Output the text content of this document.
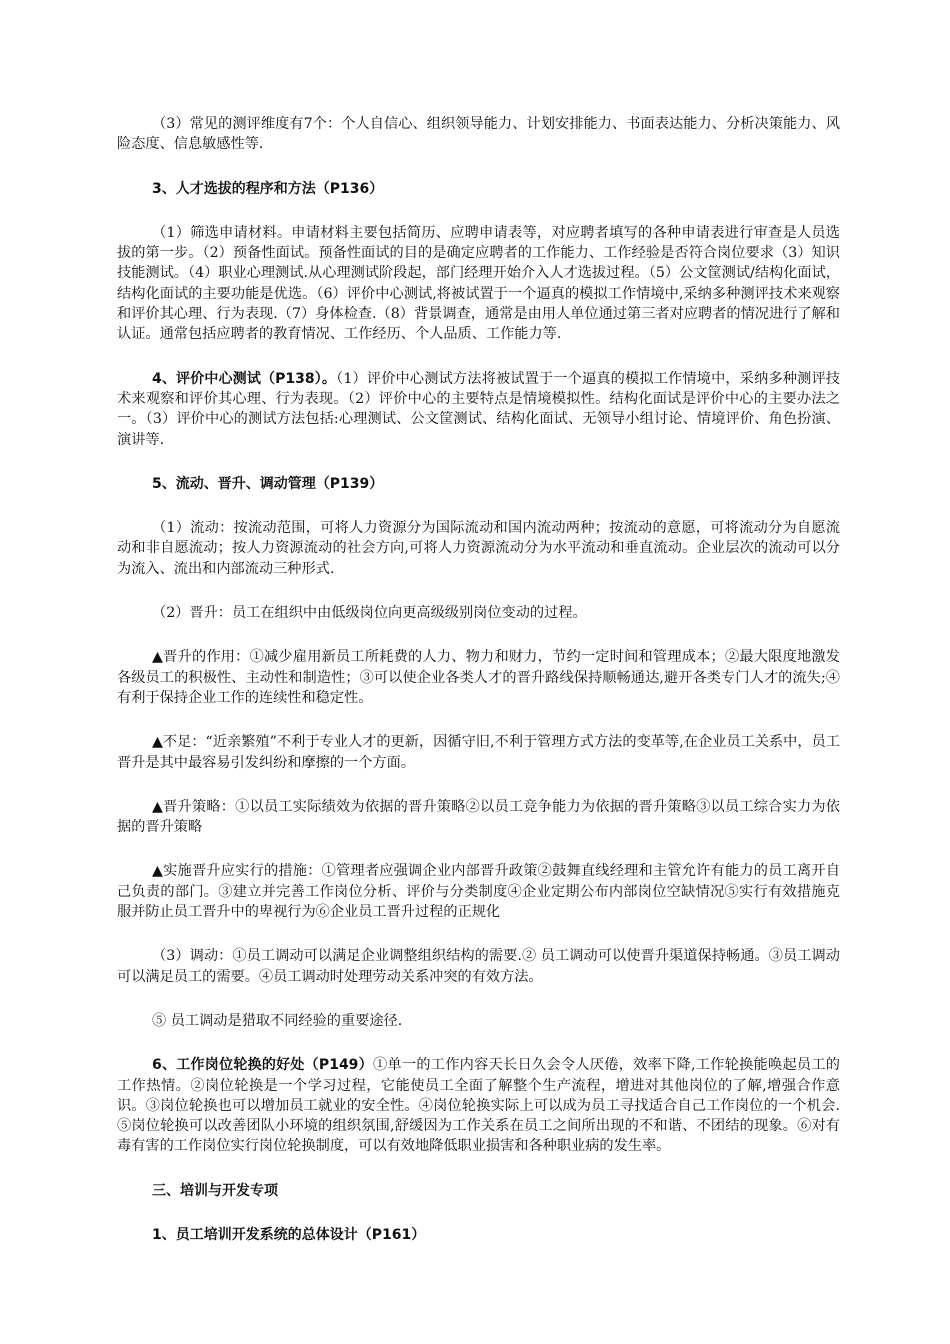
（3）常见的测评维度有7个：个人自信心、组织领导能力、计划安排能力、书面表达能力、分析决策能力、风险态度、信息敏感性等.

3、人才选拔的程序和方法（P136）

（1）筛选申请材料。申请材料主要包括简历、应聘申请表等，对应聘者填写的各种申请表进行审查是人员选拔的第一步。（2）预备性面试。预备性面试的目的是确定应聘者的工作能力、工作经验是否符合岗位要求（3）知识技能测试。（4）职业心理测试.从心理测试阶段起，部门经理开始介入人才选拔过程。（5）公文筐测试/结构化面试，结构化面试的主要功能是优选。（6）评价中心测试,将被试置于一个逼真的模拟工作情境中,采纳多种测评技术来观察和评价其心理、行为表现.（7）身体检查.（8）背景调查，通常是由用人单位通过第三者对应聘者的情况进行了解和认证。通常包括应聘者的教育情况、工作经历、个人品质、工作能力等.

4、评价中心测试（P138）。（1）评价中心测试方法将被试置于一个逼真的模拟工作情境中，采纳多种测评技术来观察和评价其心理、行为表现。（2）评价中心的主要特点是情境模拟性。结构化面试是评价中心的主要办法之一。（3）评价中心的测试方法包括:心理测试、公文筐测试、结构化面试、无领导小组讨论、情境评价、角色扮演、演讲等.

5、流动、晋升、调动管理（P139）

（1）流动：按流动范围，可将人力资源分为国际流动和国内流动两种；按流动的意愿，可将流动分为自愿流动和非自愿流动；按人力资源流动的社会方向,可将人力资源流动分为水平流动和垂直流动。企业层次的流动可以分为流入、流出和内部流动三种形式.

（2）晋升：员工在组织中由低级岗位向更高级级别岗位变动的过程。

▲晋升的作用：①减少雇用新员工所耗费的人力、物力和财力，节约一定时间和管理成本；②最大限度地激发各级员工的积极性、主动性和制造性；③可以使企业各类人才的晋升路线保持顺畅通达,避开各类专门人才的流失;④有利于保持企业工作的连续性和稳定性。

▲不足：“近亲繁殖”不利于专业人才的更新，因循守旧,不利于管理方式方法的变革等,在企业员工关系中，员工晋升是其中最容易引发纠纷和摩擦的一个方面。

▲晋升策略：①以员工实际绩效为依据的晋升策略②以员工竞争能力为依据的晋升策略③以员工综合实力为依据的晋升策略

▲实施晋升应实行的措施：①管理者应强调企业内部晋升政策②鼓舞直线经理和主管允许有能力的员工离开自己负责的部门。③建立并完善工作岗位分析、评价与分类制度④企业定期公布内部岗位空缺情况⑤实行有效措施克服并防止员工晋升中的卑视行为⑥企业员工晋升过程的正规化

（3）调动：①员工调动可以满足企业调整组织结构的需要.② 员工调动可以使晋升渠道保持畅通。③员工调动可以满足员工的需要。④员工调动时处理劳动关系冲突的有效方法。

⑤ 员工调动是猎取不同经验的重要途径.

6、工作岗位轮换的好处（P149）①单一的工作内容天长日久会令人厌倦，效率下降,工作轮换能唤起员工的工作热情。②岗位轮换是一个学习过程，它能使员工全面了解整个生产流程，增进对其他岗位的了解,增强合作意识。③岗位轮换也可以增加员工就业的安全性。④岗位轮换实际上可以成为员工寻找适合自己工作岗位的一个机会.⑤岗位轮换可以改善团队小环境的组织氛围,舒缓因为工作关系在员工之间所出现的不和谐、不团结的现象。⑥对有毒有害的工作岗位实行岗位轮换制度，可以有效地降低职业损害和各种职业病的发生率。

三、培训与开发专项

1、员工培训开发系统的总体设计（P161）
